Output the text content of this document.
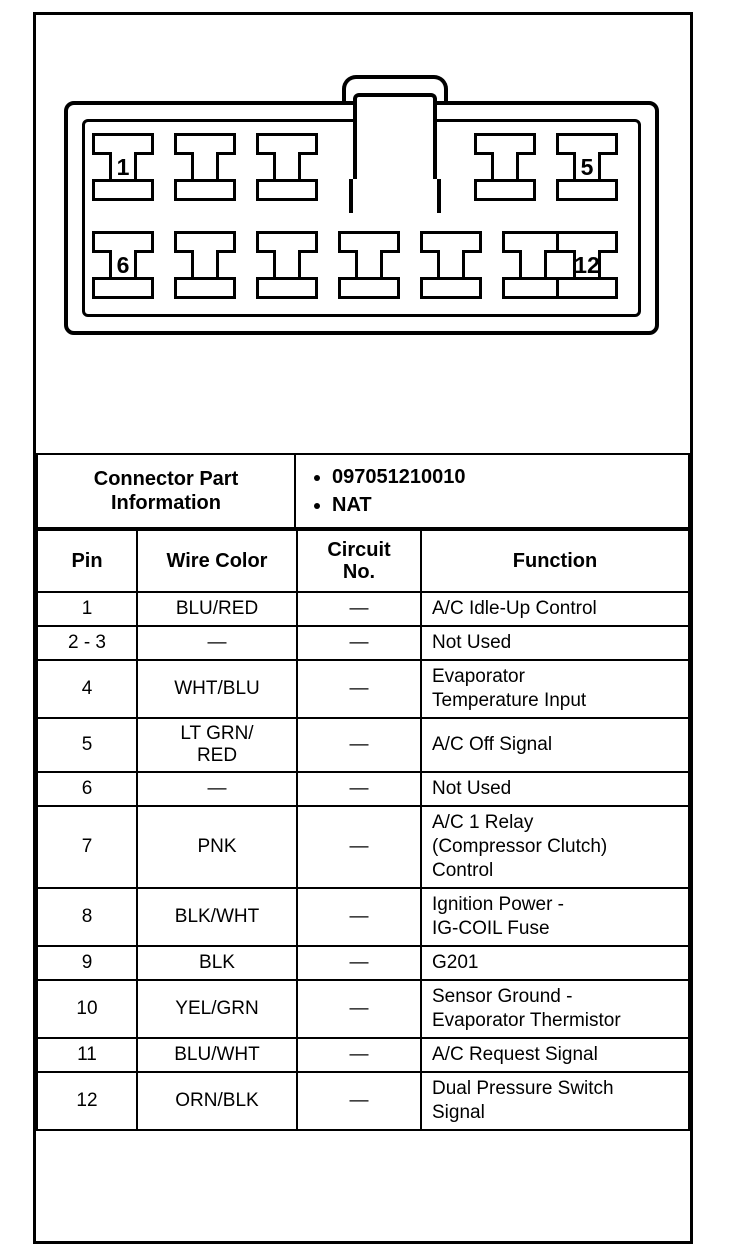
1	5
6	12
Connector Part
Information	
• 097051210010
• NAT
Pin	Wire Color	Circuit
No.	Function
1	BLU/RED	—	A/C Idle-Up Control
2 - 3	—	—	Not Used
4	WHT/BLU	—	Evaporator
Temperature Input
5	LT GRN/
RED	—	A/C Off Signal
6	—	—	Not Used
7	PNK	—	A/C 1 Relay
(Compressor Clutch)
Control
8	BLK/WHT	—	Ignition Power -
IG-COIL Fuse
9	BLK	—	G201
10	YEL/GRN	—	Sensor Ground -
Evaporator Thermistor
11	BLU/WHT	—	A/C Request Signal
12	ORN/BLK	—	Dual Pressure Switch
Signal
